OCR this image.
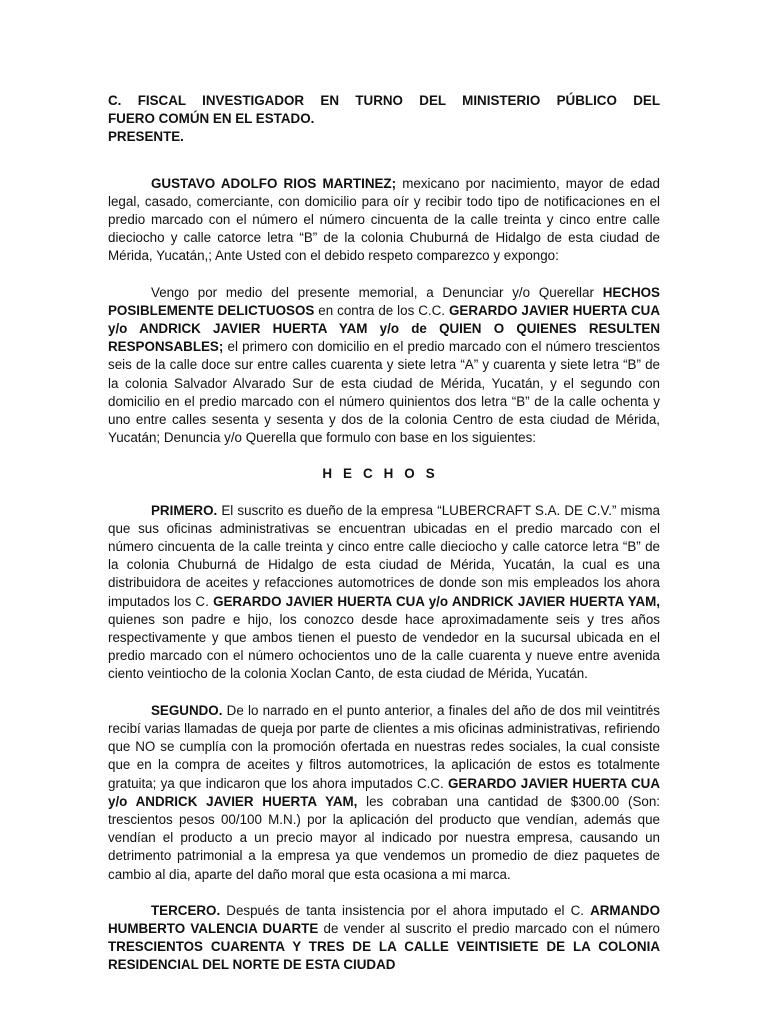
C. FISCAL INVESTIGADOR EN TURNO DEL MINISTERIO PÚBLICO DEL
FUERO COMÚN EN EL ESTADO.
PRESENTE.

GUSTAVO ADOLFO RIOS MARTINEZ; mexicano por nacimiento, mayor de edad legal, casado, comerciante, con domicilio para oír y recibir todo tipo de notificaciones en el predio marcado con el número el número cincuenta de la calle treinta y cinco entre calle dieciocho y calle catorce letra “B” de la colonia Chuburná de Hidalgo de esta ciudad de Mérida, Yucatán,; Ante Usted con el debido respeto comparezco y expongo:

Vengo por medio del presente memorial, a Denunciar y/o Querellar HECHOS POSIBLEMENTE DELICTUOSOS en contra de los C.C. GERARDO JAVIER HUERTA CUA y/o ANDRICK JAVIER HUERTA YAM y/o de QUIEN O QUIENES RESULTEN RESPONSABLES; el primero con domicilio en el predio marcado con el número trescientos seis de la calle doce sur entre calles cuarenta y siete letra “A” y cuarenta y siete letra “B” de la colonia Salvador Alvarado Sur de esta ciudad de Mérida, Yucatán, y el segundo con domicilio en el predio marcado con el número quinientos dos letra “B” de la calle ochenta y uno entre calles sesenta y sesenta y dos de la colonia Centro de esta ciudad de Mérida, Yucatán; Denuncia y/o Querella que formulo con base en los siguientes:

HECHOS

PRIMERO. El suscrito es dueño de la empresa “LUBERCRAFT S.A. DE C.V.” misma que sus oficinas administrativas se encuentran ubicadas en el predio marcado con el número cincuenta de la calle treinta y cinco entre calle dieciocho y calle catorce letra “B” de la colonia Chuburná de Hidalgo de esta ciudad de Mérida, Yucatán, la cual es una distribuidora de aceites y refacciones automotrices de donde son mis empleados los ahora imputados los C. GERARDO JAVIER HUERTA CUA y/o ANDRICK JAVIER HUERTA YAM, quienes son padre e hijo, los conozco desde hace aproximadamente seis y tres años respectivamente y que ambos tienen el puesto de vendedor en la sucursal ubicada en el predio marcado con el número ochocientos uno de la calle cuarenta y nueve entre avenida ciento veintiocho de la colonia Xoclan Canto, de esta ciudad de Mérida, Yucatán.

SEGUNDO. De lo narrado en el punto anterior, a finales del año de dos mil veintitrés recibí varias llamadas de queja por parte de clientes a mis oficinas administrativas, refiriendo que NO se cumplía con la promoción ofertada en nuestras redes sociales, la cual consiste que en la compra de aceites y filtros automotrices, la aplicación de estos es totalmente gratuita; ya que indicaron que los ahora imputados C.C. GERARDO JAVIER HUERTA CUA y/o ANDRICK JAVIER HUERTA YAM, les cobraban una cantidad de $300.00 (Son: trescientos pesos 00/100 M.N.) por la aplicación del producto que vendían, además que vendían el producto a un precio mayor al indicado por nuestra empresa, causando un detrimento patrimonial a la empresa ya que vendemos un promedio de diez paquetes de cambio al dia, aparte del daño moral que esta ocasiona a mi marca.

TERCERO. Después de tanta insistencia por el ahora imputado el C. ARMANDO HUMBERTO VALENCIA DUARTE de vender al suscrito el predio marcado con el número TRESCIENTOS CUARENTA Y TRES DE LA CALLE VEINTISIETE DE LA COLONIA RESIDENCIAL DEL NORTE DE ESTA CIUDAD
